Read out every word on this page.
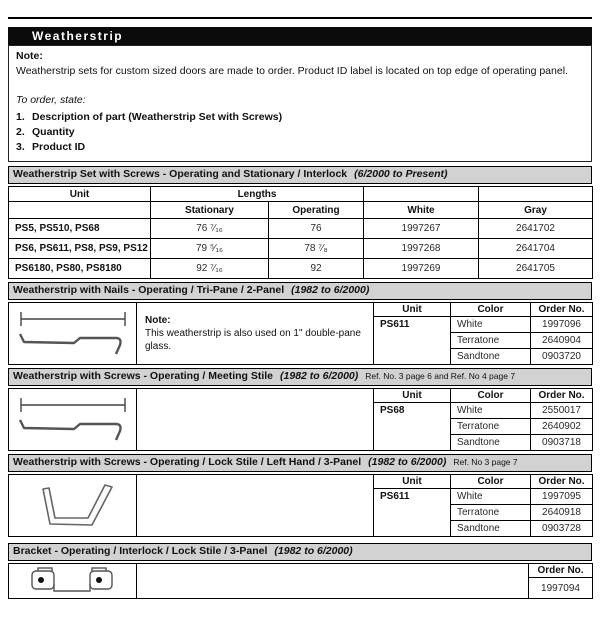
Weatherstrip
Note:
Weatherstrip sets for custom sized doors are made to order. Product ID label is located on top edge of operating panel.
To order, state:
1. Description of part (Weatherstrip Set with Screws)
2. Quantity
3. Product ID
Weatherstrip Set with Screws - Operating and Stationary / Interlock (6/2000 to Present)
Unit	Lengths			
	Stationary	Operating	White	Gray
PS5, PS510, PS68	76 ⁷⁄₁₆	76	1997267	2641702
PS6, PS611, PS8, PS9, PS12	79 ⁵⁄₁₆	78 ⁷⁄₈	1997268	2641704
PS6180, PS80, PS8180	92 ⁷⁄₁₆	92	1997269	2641705
Weatherstrip with Nails - Operating / Tri-Pane / 2-Panel (1982 to 6/2000)
	Note:
This weatherstrip is also used on 1" double-pane glass.	Unit	Color	Order No.
		PS611	White	1997096
			Terratone	2640904
			Sandtone	0903720
Weatherstrip with Screws - Operating / Meeting Stile (1982 to 6/2000) Ref. No. 3 page 6 and Ref. No 4 page 7
		Unit	Color	Order No.
		PS68	White	2550017
			Terratone	2640902
			Sandtone	0903718
Weatherstrip with Screws - Operating / Lock Stile / Left Hand / 3-Panel (1982 to 6/2000) Ref. No 3 page 7
		Unit	Color	Order No.
		PS611	White	1997095
			Terratone	2640918
			Sandtone	0903728
Bracket - Operating / Interlock / Lock Stile / 3-Panel (1982 to 6/2000)
		Order No.
1997094
